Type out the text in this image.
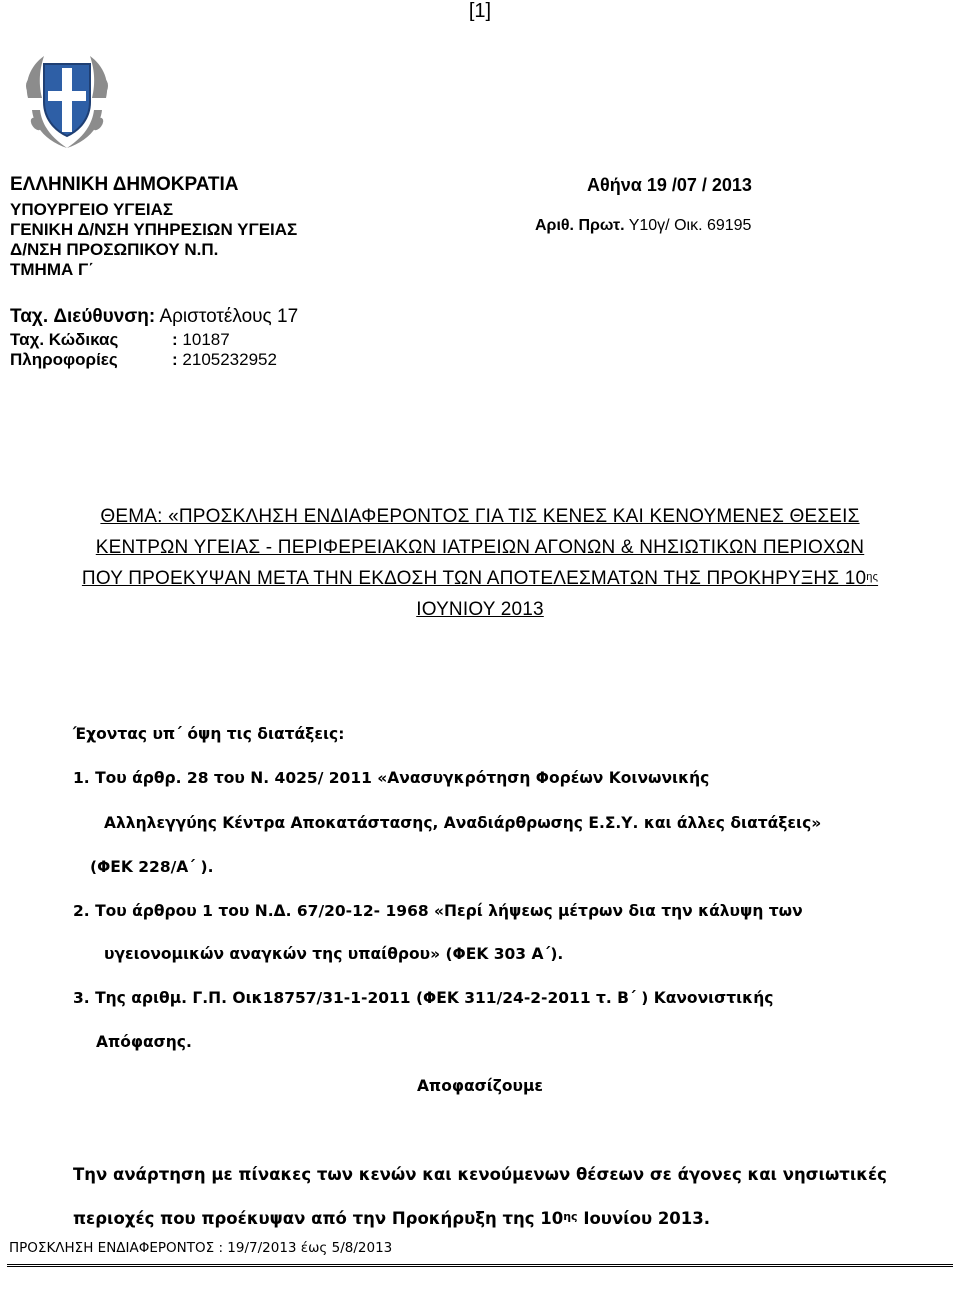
[1]
ΕΛΛΗΝΙΚΗ ΔΗΜΟΚΡΑΤΙΑ
ΥΠΟΥΡΓΕΙΟ ΥΓΕΙΑΣ
ΓΕΝΙΚΗ Δ/ΝΣΗ ΥΠΗΡΕΣΙΩΝ ΥΓΕΙΑΣ
Δ/ΝΣΗ ΠΡΟΣΩΠΙΚΟΥ Ν.Π.
ΤΜΗΜΑ Γ΄
Αθήνα 19 /07 / 2013
Αριθ. Πρωτ. Υ10γ/ Οικ. 69195
Ταχ. Διεύθυνση: Αριστοτέλους 17
Ταχ. Κώδικας	: 10187
Πληροφορίες	: 2105232952
ΘΕΜΑ: «ΠΡΟΣΚΛΗΣΗ ΕΝΔΙΑΦΕΡΟΝΤΟΣ ΓΙΑ ΤΙΣ ΚΕΝΕΣ ΚΑΙ ΚΕΝΟΥΜΕΝΕΣ ΘΕΣΕΙΣ
ΚΕΝΤΡΩΝ ΥΓΕΙΑΣ - ΠΕΡΙΦΕΡΕΙΑΚΩΝ ΙΑΤΡΕΙΩΝ ΑΓΟΝΩΝ & ΝΗΣΙΩΤΙΚΩΝ ΠΕΡΙΟΧΩΝ
ΠΟΥ ΠΡΟΕΚΥΨΑΝ ΜΕΤΑ ΤΗΝ ΕΚΔΟΣΗ ΤΩΝ ΑΠΟΤΕΛΕΣΜΑΤΩΝ ΤΗΣ ΠΡΟΚΗΡΥΞΗΣ $10^{\eta\varsigma}$
ΙΟΥΝΙΟΥ 2013
Έχοντας υπ΄ όψη τις διατάξεις:
1. Του άρθρ. 28 του Ν. 4025/ 2011 «Ανασυγκρότηση Φορέων Κοινωνικής
Αλληλεγγύης Κέντρα Αποκατάστασης, Αναδιάρθρωσης Ε.Σ.Υ. και άλλες διατάξεις»
(ΦΕΚ 228/Α΄ ).
2. Του άρθρου 1 του Ν.Δ. 67/20-12- 1968 «Περί λήψεως μέτρων δια την κάλυψη των
υγειονομικών αναγκών της υπαίθρου» (ΦΕΚ 303 Α΄).
3. Της αριθμ. Γ.Π. Οικ18757/31-1-2011 (ΦΕΚ 311/24-2-2011 τ. Β΄ ) Κανονιστικής
Απόφασης.
Αποφασίζουμε
Την ανάρτηση με πίνακες των κενών και κενούμενων θέσεων σε άγονες και νησιωτικές
περιοχές που προέκυψαν από την Προκήρυξη της $10^{\eta\varsigma}$ Ιουνίου 2013.
ΠΡΟΣΚΛΗΣΗ ΕΝΔΙΑΦΕΡΟΝΤΟΣ : 19/7/2013 έως 5/8/2013
